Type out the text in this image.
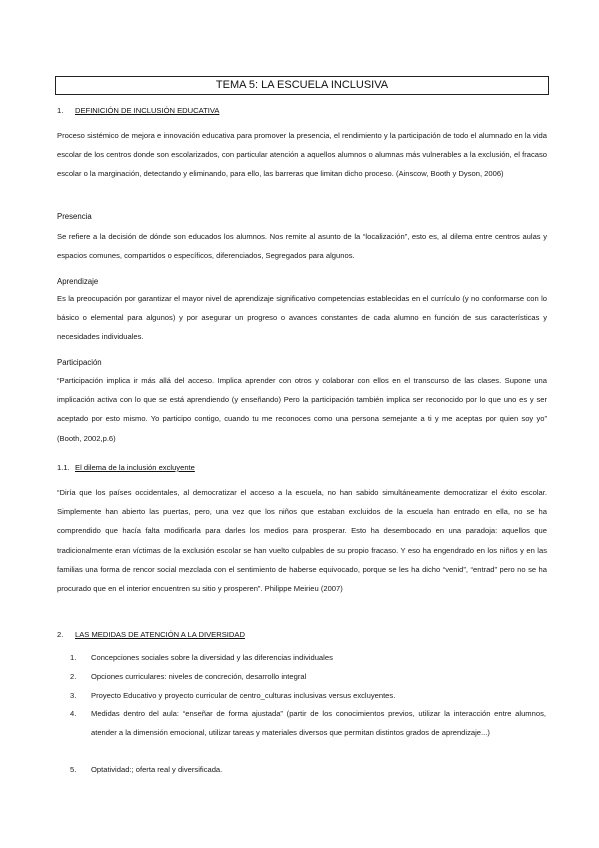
TEMA 5: LA ESCUELA INCLUSIVA
1. DEFINICIÓN DE INCLUSIÓN EDUCATIVA
Proceso sistémico de mejora e innovación educativa para promover la presencia, el rendimiento y la participación de todo el alumnado en la vida escolar de los centros donde son escolarizados, con particular atención a aquellos alumnos o alumnas más vulnerables a la exclusión, el fracaso escolar o la marginación, detectando y eliminando, para ello, las barreras que limitan dicho proceso. (Ainscow, Booth y Dyson, 2006)
Presencia
Se refiere a la decisión de dónde son educados los alumnos. Nos remite al asunto de la “localización”, esto es, al dilema entre centros aulas y espacios comunes, compartidos o específicos, diferenciados, Segregados para algunos.
Aprendizaje
Es la preocupación por garantizar el mayor nivel de aprendizaje significativo competencias establecidas en el currículo (y no conformarse con lo básico o elemental para algunos) y por asegurar un progreso o avances constantes de cada alumno en función de sus características y necesidades individuales.
Participación
“Participación implica ir más allá del acceso. Implica aprender con otros y colaborar con ellos en el transcurso de las clases. Supone una implicación activa con lo que se está aprendiendo (y enseñando) Pero la participación también implica ser reconocido por lo que uno es y ser aceptado por esto mismo. Yo participo contigo, cuando tu me reconoces como una persona semejante a ti y me aceptas por quien soy yo” (Booth, 2002,p.6)
1.1. El dilema de la inclusión excluyente
“Diría que los países occidentales, al democratizar el acceso a la escuela, no han sabido simultáneamente democratizar el éxito escolar. Simplemente han abierto las puertas, pero, una vez que los niños que estaban excluidos de la escuela han entrado en ella, no se ha comprendido que hacía falta modificarla para darles los medios para prosperar. Esto ha desembocado en una paradoja: aquellos que tradicionalmente eran víctimas de la exclusión escolar se han vuelto culpables de su propio fracaso. Y eso ha engendrado en los niños y en las familias una forma de rencor social mezclada con el sentimiento de haberse equivocado, porque se les ha dicho “venid”, “entrad” pero no se ha procurado que en el interior encuentren su sitio y prosperen”. Philippe Meirieu (2007)
2. LAS MEDIDAS DE ATENCIÓN A LA DIVERSIDAD
1. Concepciones sociales sobre la diversidad y las diferencias individuales
2. Opciones curriculares: niveles de concreción, desarrollo integral
3. Proyecto Educativo y proyecto curricular de centro_culturas inclusivas versus excluyentes.
4. Medidas dentro del aula: “enseñar de forma ajustada” (partir de los conocimientos previos, utilizar la interacción entre alumnos, atender a la dimensión emocional, utilizar tareas y materiales diversos que permitan distintos grados de aprendizaje...)
5. Optatividad:; oferta real y diversificada.
